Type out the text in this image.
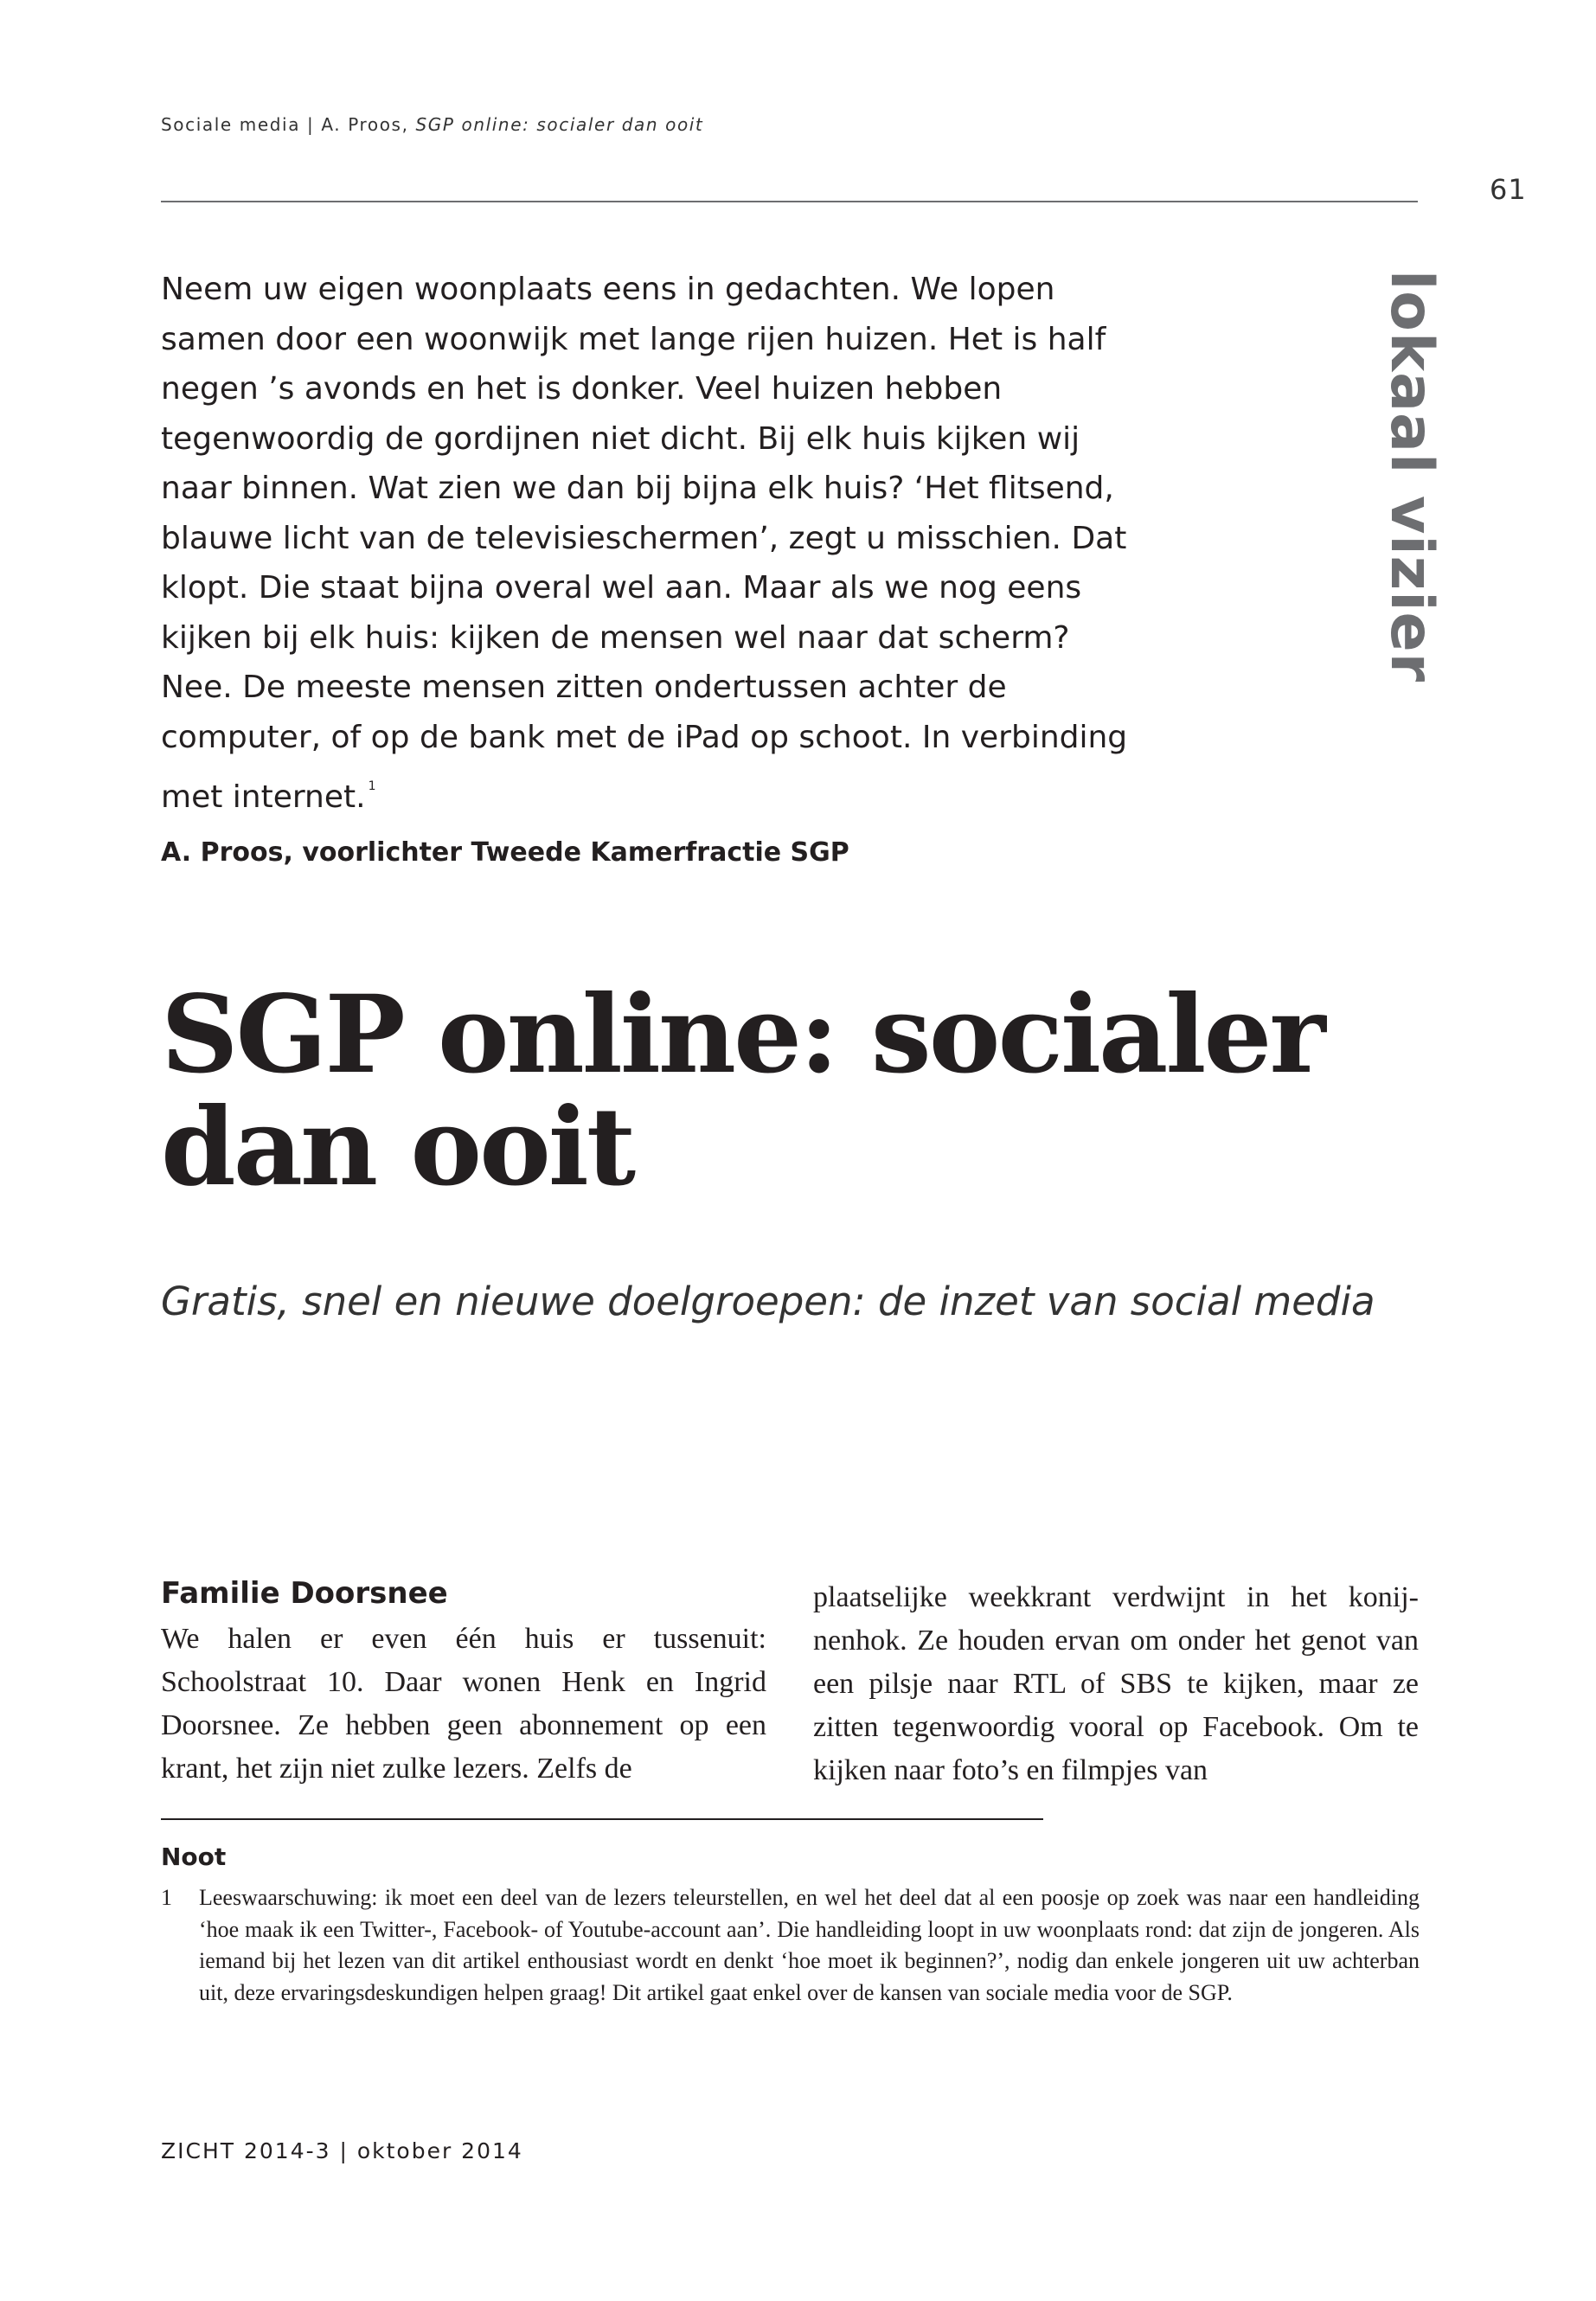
Sociale media | A. Proos, SGP online: socialer dan ooit
61
lokaal vizier

Neem uw eigen woonplaats eens in gedachten. We lopen samen door een woonwijk met lange rijen huizen. Het is half negen ’s avonds en het is donker. Veel huizen hebben tegenwoordig de gordijnen niet dicht. Bij elk huis kijken wij naar binnen. Wat zien we dan bij bijna elk huis? ‘Het flitsend, blauwe licht van de televisieschermen’, zegt u misschien. Dat klopt. Die staat bijna overal wel aan. Maar als we nog eens kijken bij elk huis: kijken de mensen wel naar dat scherm? Nee. De meeste mensen zitten ondertussen achter de computer, of op de bank met de iPad op schoot. In verbinding met internet. $^1$

A. Proos, voorlichter Tweede Kamerfractie SGP

SGP online: socialer
dan ooit

Gratis, snel en nieuwe doelgroepen: de inzet van social media

Familie Doorsnee

We halen er even één huis er tussenuit: Schoolstraat 10. Daar wonen Henk en Ingrid Doorsnee. Ze hebben geen abonnement op een krant, het zijn niet zulke lezers. Zelfs de

plaatselijke weekkrant verdwijnt in het konijnenhok. Ze houden ervan om onder het genot van een pilsje naar RTL of SBS te kijken, maar ze zitten tegenwoordig vooral op Facebook. Om te kijken naar foto’s en filmpjes van

Noot

1 Leeswaarschuwing: ik moet een deel van de lezers teleurstellen, en wel het deel dat al een poosje op zoek was naar een handleiding ‘hoe maak ik een Twitter-, Facebook- of Youtube-account aan’. Die handleiding loopt in uw woonplaats rond: dat zijn de jongeren. Als iemand bij het lezen van dit artikel enthousiast wordt en denkt ‘hoe moet ik beginnen?’, nodig dan enkele jongeren uit uw achterban uit, deze ervaringsdeskundigen helpen graag! Dit artikel gaat enkel over de kansen van sociale media voor de SGP.

ZICHT 2014-3 | oktober 2014
